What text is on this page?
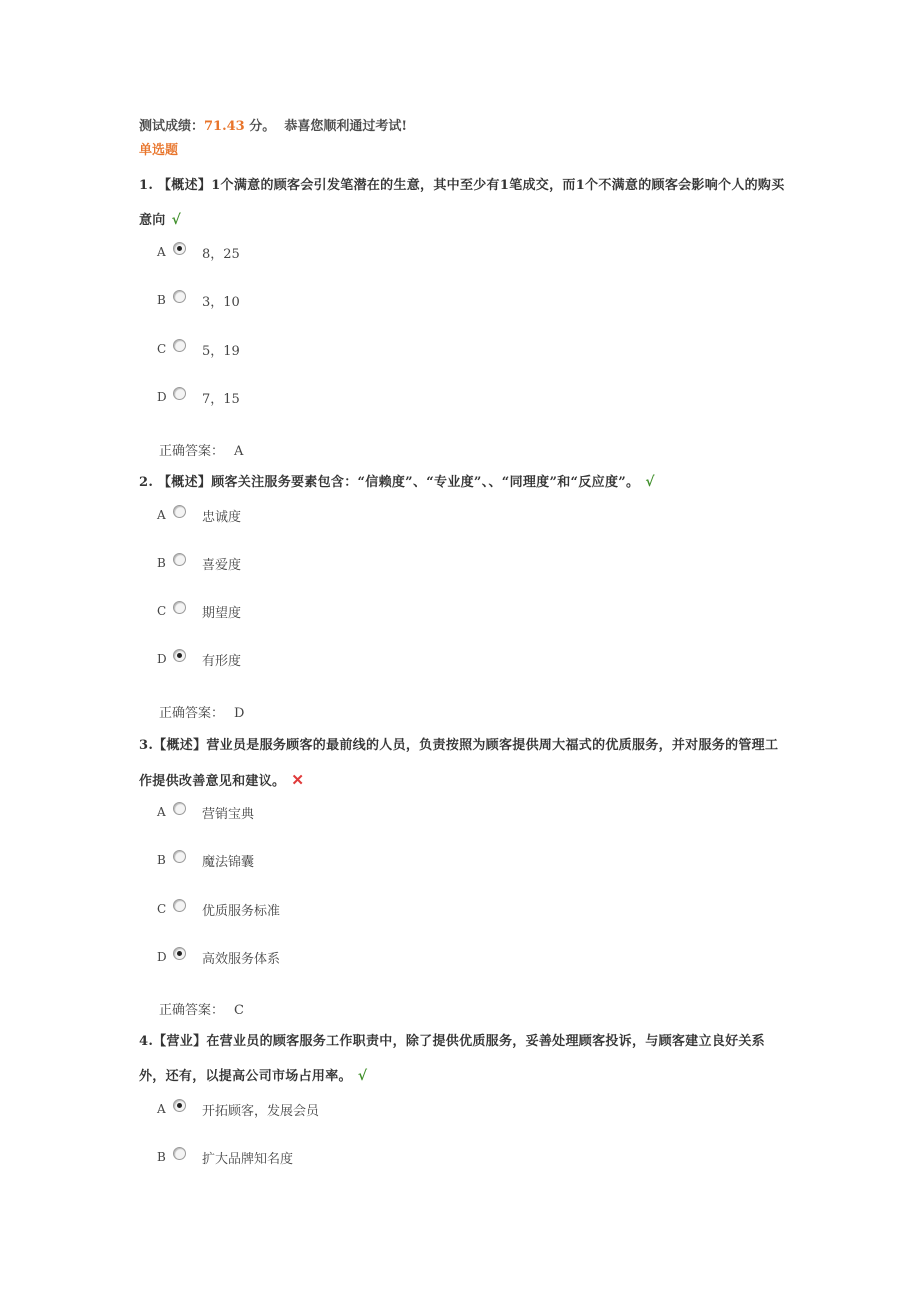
测试成绩：71.43 分。 恭喜您顺利通过考试!
单选题
1. 【概述】1个满意的顾客会引发笔潜在的生意，其中至少有1笔成交，而1个不满意的顾客会影响个人的购买意向 √
A	8，25
B	3，10
C	5，19
D	7，15
正确答案： A
2. 【概述】顾客关注服务要素包含：“信赖度”、“专业度”、、“同理度”和“反应度”。 √
A	忠诚度
B	喜爱度
C	期望度
D	有形度
正确答案： D
3.【概述】营业员是服务顾客的最前线的人员，负责按照为顾客提供周大福式的优质服务，并对服务的管理工作提供改善意见和建议。 ✕
A	营销宝典
B	魔法锦囊
C	优质服务标准
D	高效服务体系
正确答案： C
4.【营业】在营业员的顾客服务工作职责中，除了提供优质服务，妥善处理顾客投诉，与顾客建立良好关系外，还有，以提高公司市场占用率。 √
A	开拓顾客，发展会员
B	扩大品牌知名度
